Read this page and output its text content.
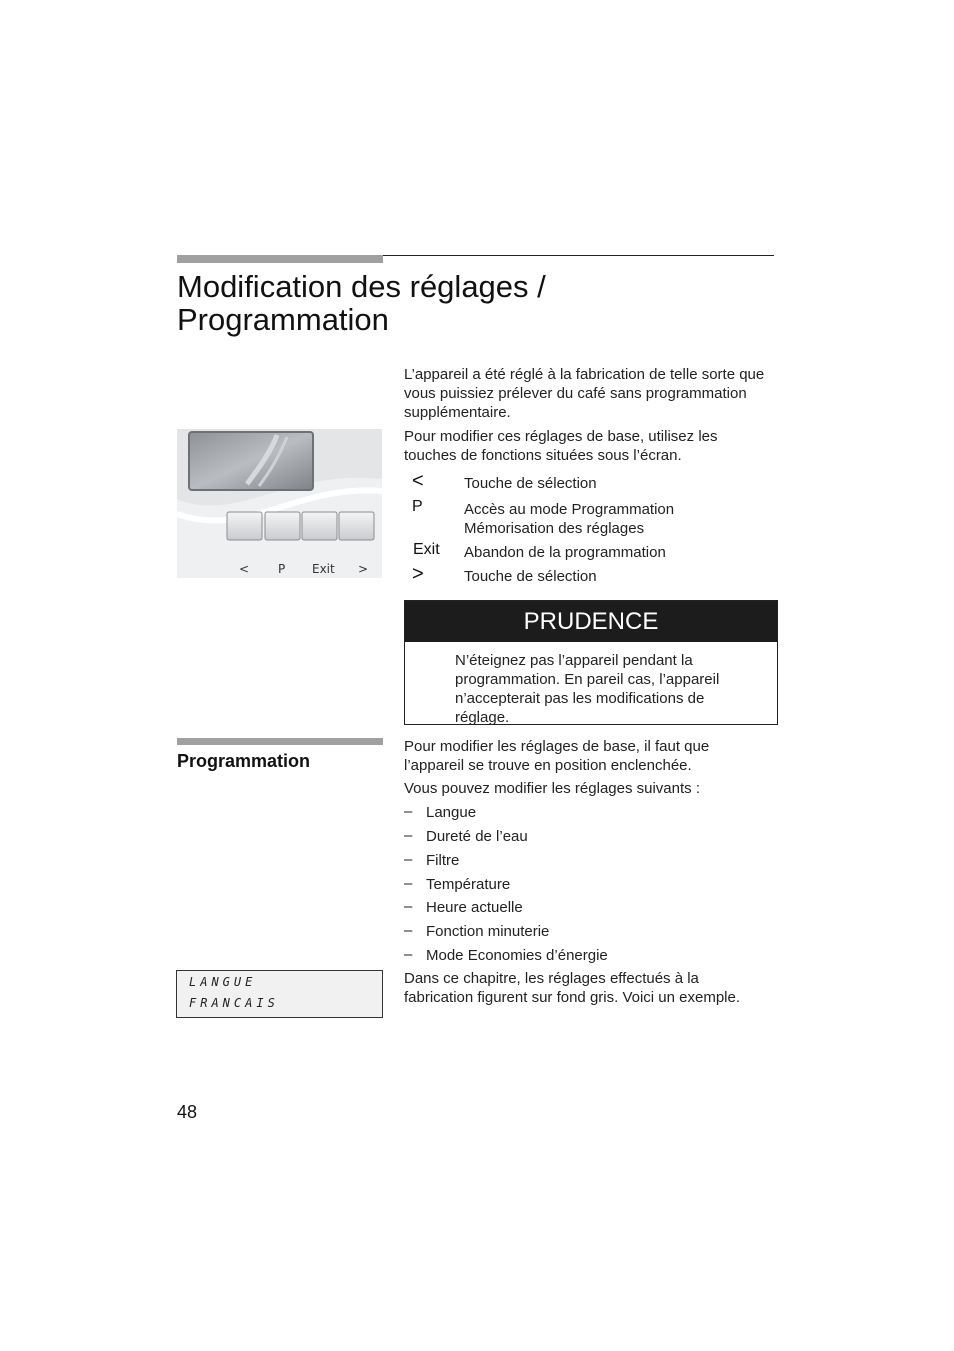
Modification des réglages /
Programmation

L’appareil a été réglé à la fabrication de telle sorte que vous puissiez prélever du café sans programmation supplémentaire.

Pour modifier ces réglages de base, utilisez les touches de fonctions situées sous l’écran.

< P Exit >
<	Touche de sélection

P	Accès au mode Programmation

Mémorisation des réglages

Exit	Abandon de la programmation

>	Touche de sélection

PRUDENCE

N’éteignez pas l’appareil pendant la programmation. En pareil cas, l’appareil n’accepterait pas les modifications de réglage.

Programmation

Pour modifier les réglages de base, il faut que l’appareil se trouve en position enclenchée.

Vous pouvez modifier les réglages suivants :

– Langue

– Dureté de l’eau

– Filtre

– Température

– Heure actuelle

– Fonction minuterie

– Mode Economies d’énergie

Dans ce chapitre, les réglages effectués à la fabrication figurent sur fond gris. Voici un exemple.

LANGUE
FRANCAIS
48
